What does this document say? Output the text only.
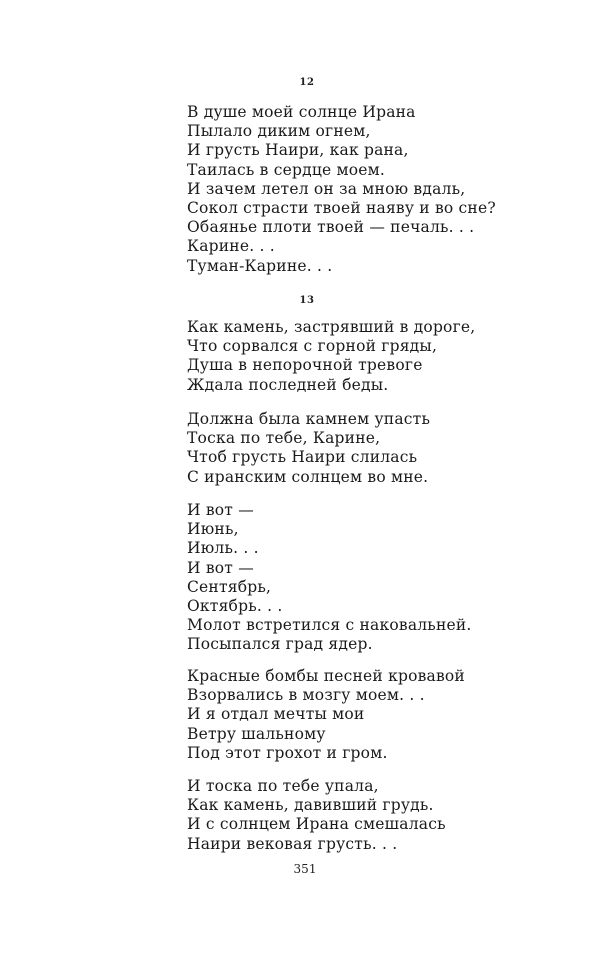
12
В душе моей солнце Ирана
Пылало диким огнем,
И грусть Наири, как рана,
Таилась в сердце моем.
И зачем летел он за мною вдаль,
Сокол страсти твоей наяву и во сне?
Обаянье плоти твоей — печаль. . .
Карине. . .
Туман-Карине. . .
13
Как камень, застрявший в дороге,
Что сорвался с горной гряды,
Душа в непорочной тревоге
Ждала последней беды.
Должна была камнем упасть
Тоска по тебе, Карине,
Чтоб грусть Наири слилась
С иранским солнцем во мне.
И вот —
Июнь,
Июль. . .
И вот —
Сентябрь,
Октябрь. . .
Молот встретился с наковальней.
Посыпался град ядер.
Красные бомбы песней кровавой
Взорвались в мозгу моем. . .
И я отдал мечты мои
Ветру шальному
Под этот грохот и гром.
И тоска по тебе упала,
Как камень, давивший грудь.
И с солнцем Ирана смешалась
Наири вековая грусть. . .
351
